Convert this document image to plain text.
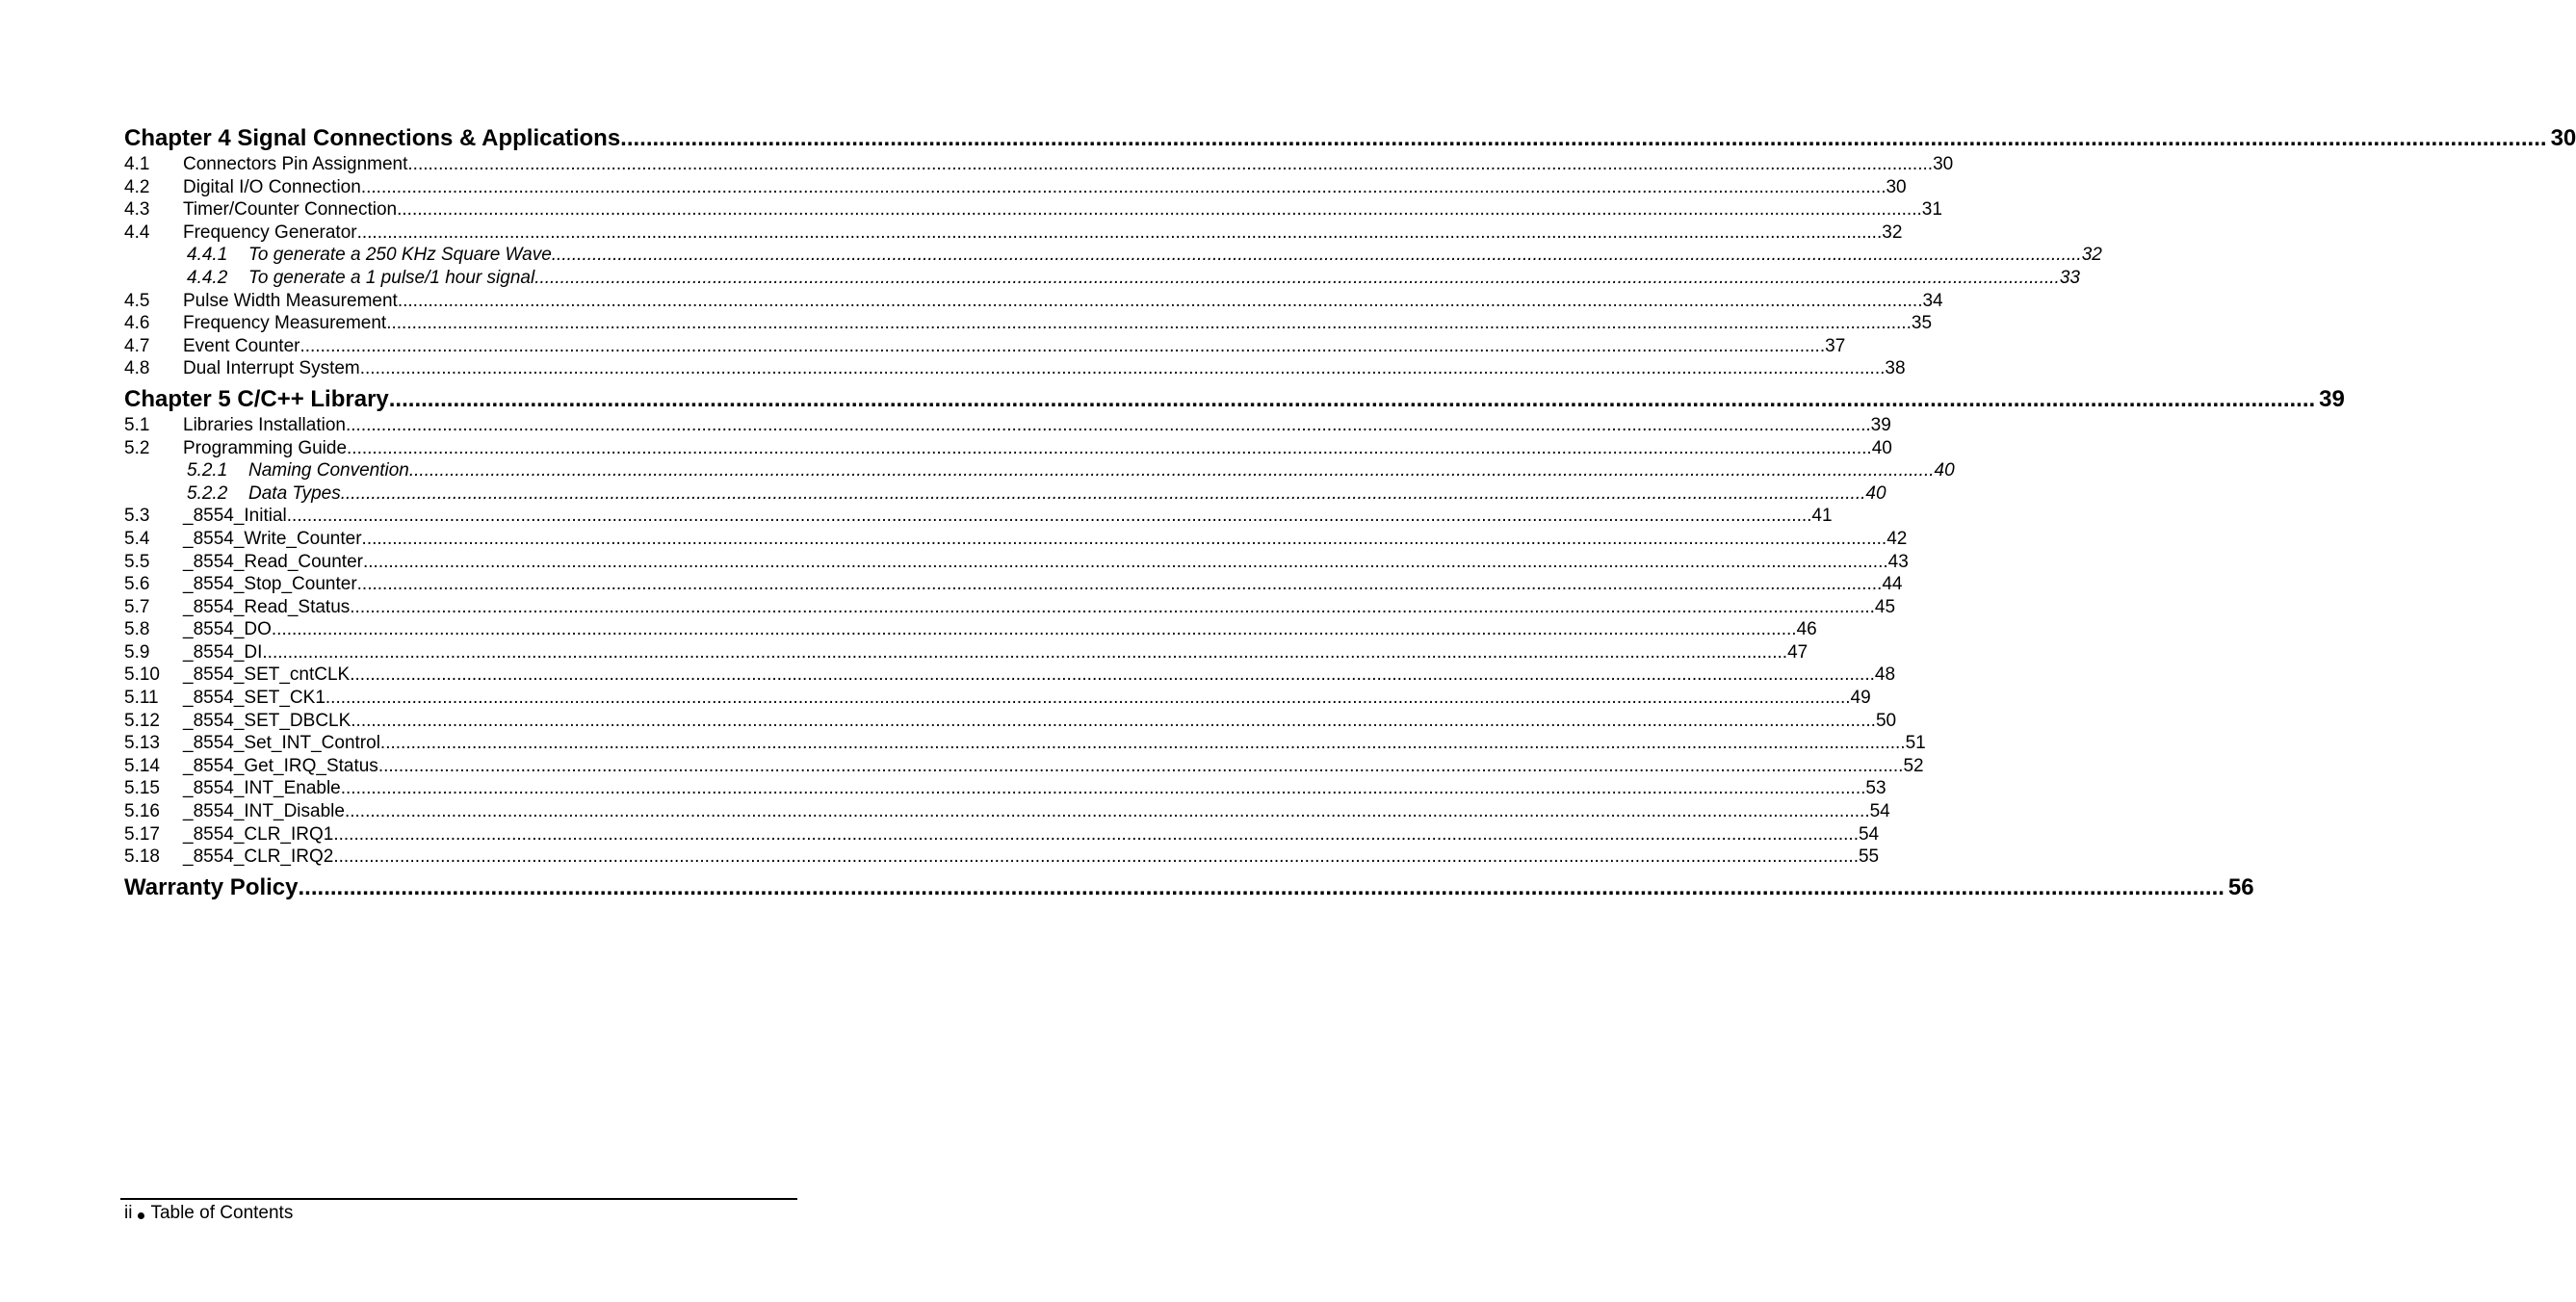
Chapter 4 Signal Connections & Applications ............................................................................................................................................................................................................................................................................................................ 30
4.1	Connectors Pin Assignment ............................................................................................................................................................................................................................................................................................................ 30
4.2	Digital I/O Connection ............................................................................................................................................................................................................................................................................................................ 30
4.3	Timer/Counter Connection ............................................................................................................................................................................................................................................................................................................ 31
4.4	Frequency Generator ............................................................................................................................................................................................................................................................................................................ 32
4.4.1	To generate a 250 KHz Square Wave. ............................................................................................................................................................................................................................................................................................................ 32
4.4.2	To generate a 1 pulse/1 hour signal ............................................................................................................................................................................................................................................................................................................ 33
4.5	Pulse Width Measurement ............................................................................................................................................................................................................................................................................................................ 34
4.6	Frequency Measurement ............................................................................................................................................................................................................................................................................................................ 35
4.7	Event Counter ............................................................................................................................................................................................................................................................................................................ 37
4.8	Dual Interrupt System ............................................................................................................................................................................................................................................................................................................ 38
Chapter 5 C/C++ Library ............................................................................................................................................................................................................................................................................................................ 39
5.1	Libraries Installation ............................................................................................................................................................................................................................................................................................................ 39
5.2	Programming Guide ............................................................................................................................................................................................................................................................................................................ 40
5.2.1	Naming Convention ............................................................................................................................................................................................................................................................................................................ 40
5.2.2	Data Types ............................................................................................................................................................................................................................................................................................................ 40
5.3	_8554_Initial ............................................................................................................................................................................................................................................................................................................ 41
5.4	_8554_Write_Counter ............................................................................................................................................................................................................................................................................................................ 42
5.5	_8554_Read_Counter ............................................................................................................................................................................................................................................................................................................ 43
5.6	_8554_Stop_Counter ............................................................................................................................................................................................................................................................................................................ 44
5.7	_8554_Read_Status ............................................................................................................................................................................................................................................................................................................ 45
5.8	_8554_DO ............................................................................................................................................................................................................................................................................................................ 46
5.9	_8554_DI ............................................................................................................................................................................................................................................................................................................ 47
5.10	_8554_SET_cntCLK ............................................................................................................................................................................................................................................................................................................ 48
5.11	_8554_SET_CK1 ............................................................................................................................................................................................................................................................................................................ 49
5.12	_8554_SET_DBCLK ............................................................................................................................................................................................................................................................................................................ 50
5.13	_8554_Set_INT_Control ............................................................................................................................................................................................................................................................................................................ 51
5.14	_8554_Get_IRQ_Status ............................................................................................................................................................................................................................................................................................................ 52
5.15	_8554_INT_Enable ............................................................................................................................................................................................................................................................................................................ 53
5.16	_8554_INT_Disable ............................................................................................................................................................................................................................................................................................................ 54
5.17	_8554_CLR_IRQ1 ............................................................................................................................................................................................................................................................................................................ 54
5.18	_8554_CLR_IRQ2 ............................................................................................................................................................................................................................................................................................................ 55
Warranty Policy ............................................................................................................................................................................................................................................................................................................ 56
ii Table of Contents
